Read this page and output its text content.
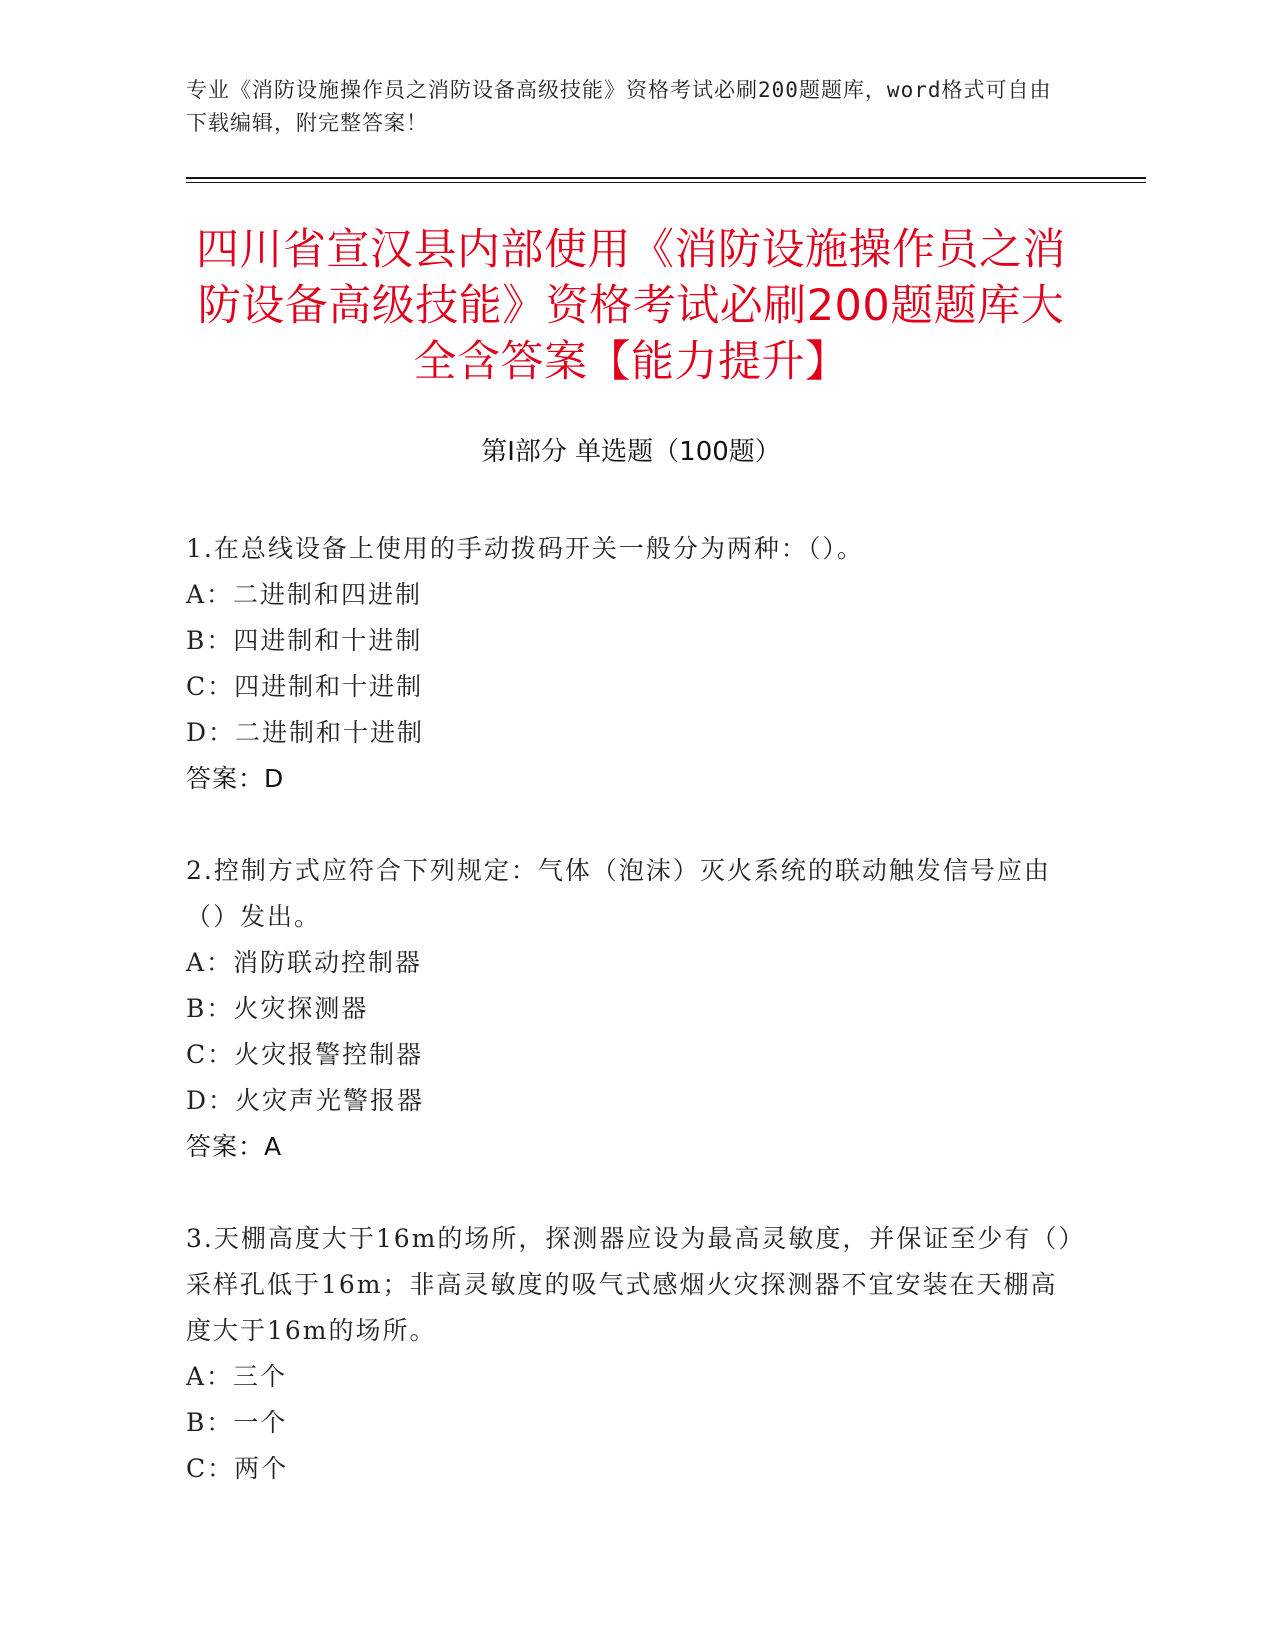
专业《消防设施操作员之消防设备高级技能》资格考试必刷200题题库，word格式可自由下载编辑，附完整答案！
四川省宣汉县内部使用《消防设施操作员之消防设备高级技能》资格考试必刷200题题库大全含答案【能力提升】
第Ⅰ部分 单选题（100题）
1.在总线设备上使用的手动拨码开关一般分为两种：（）。
A：二进制和四进制
B：四进制和十进制
C：四进制和十进制
D：二进制和十进制
答案：D
2.控制方式应符合下列规定：气体（泡沫）灭火系统的联动触发信号应由（）发出。
A：消防联动控制器
B：火灾探测器
C：火灾报警控制器
D：火灾声光警报器
答案：A
3.天棚高度大于16m的场所，探测器应设为最高灵敏度，并保证至少有（）采样孔低于16m；非高灵敏度的吸气式感烟火灾探测器不宜安装在天棚高度大于16m的场所。
A：三个
B：一个
C：两个
